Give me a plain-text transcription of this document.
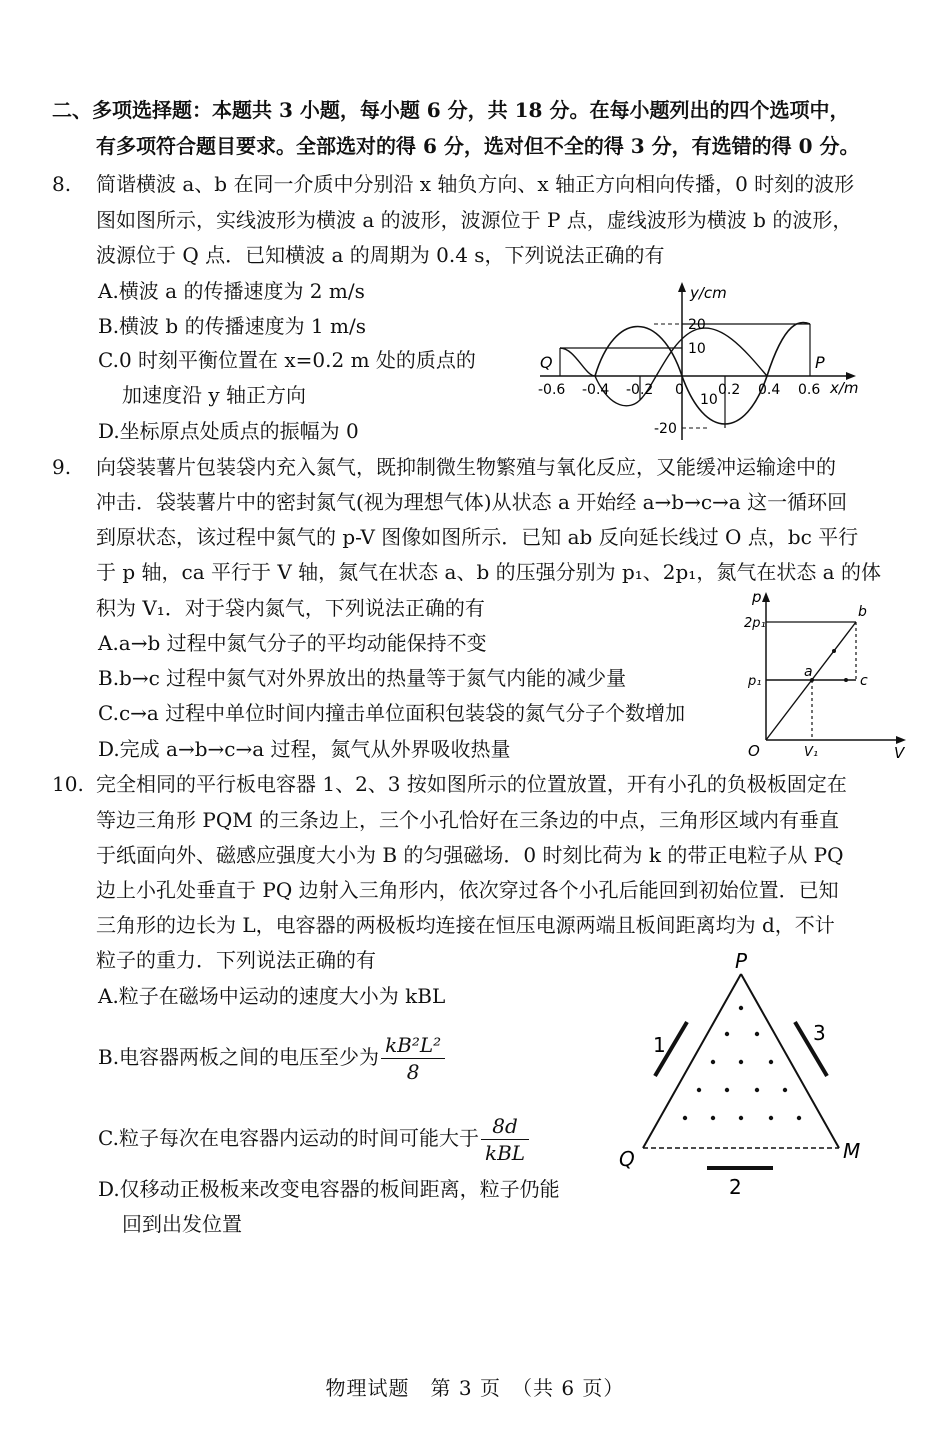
二、多项选择题：本题共 3 小题，每小题 6 分，共 18 分。在每小题列出的四个选项中，
有多项符合题目要求。全部选对的得 6 分，选对但不全的得 3 分，有选错的得 0 分。
8. 简谐横波 a、b 在同一介质中分别沿 x 轴负方向、x 轴正方向相向传播，0 时刻的波形
图如图所示，实线波形为横波 a 的波形，波源位于 P 点，虚线波形为横波 b 的波形，
波源位于 Q 点．已知横波 a 的周期为 0.4 s，下列说法正确的有
A.横波 a 的传播速度为 2 m/s
B.横波 b 的传播速度为 1 m/s
C.0 时刻平衡位置在 x=0.2 m 处的质点的
加速度沿 y 轴正方向
D.坐标原点处质点的振幅为 0
y/cm
x/m
-0.6 -0.4 -0.2 0 0.2 0.4 0.6
20
10
10
-20
Q	P
9. 向袋装薯片包装袋内充入氮气，既抑制微生物繁殖与氧化反应，又能缓冲运输途中的
冲击．袋装薯片中的密封氮气(视为理想气体)从状态 a 开始经 a→b→c→a 这一循环回
到原状态，该过程中氮气的 p-V 图像如图所示．已知 ab 反向延长线过 O 点，bc 平行
于 p 轴，ca 平行于 V 轴，氮气在状态 a、b 的压强分别为 p₁、2p₁，氮气在状态 a 的体
积为 V₁．对于袋内氮气，下列说法正确的有
A.a→b 过程中氮气分子的平均动能保持不变
B.b→c 过程中氮气对外界放出的热量等于氮气内能的减少量
C.c→a 过程中单位时间内撞击单位面积包装袋的氮气分子个数增加
D.完成 a→b→c→a 过程，氮气从外界吸收热量
p
V
O
2p₁
p₁
V₁
a
b
c
10. 完全相同的平行板电容器 1、2、3 按如图所示的位置放置，开有小孔的负极板固定在
等边三角形 PQM 的三条边上，三个小孔恰好在三条边的中点，三角形区域内有垂直
于纸面向外、磁感应强度大小为 B 的匀强磁场．0 时刻比荷为 k 的带正电粒子从 PQ
边上小孔处垂直于 PQ 边射入三角形内，依次穿过各个小孔后能回到初始位置．已知
三角形的边长为 L，电容器的两极板均连接在恒压电源两端且板间距离均为 d，不计
粒子的重力．下列说法正确的有
A.粒子在磁场中运动的速度大小为 kBL
B.电容器两板之间的电压至少为 $\frac{\text{kB²L²}}{8}$
C.粒子每次在电容器内运动的时间可能大于 $\frac{8d}{\text{kBL}}$
D.仅移动正极板来改变电容器的板间距离，粒子仍能
回到出发位置
P
Q	M
1	3
2
物理试题　第 3 页　（共 6 页）
